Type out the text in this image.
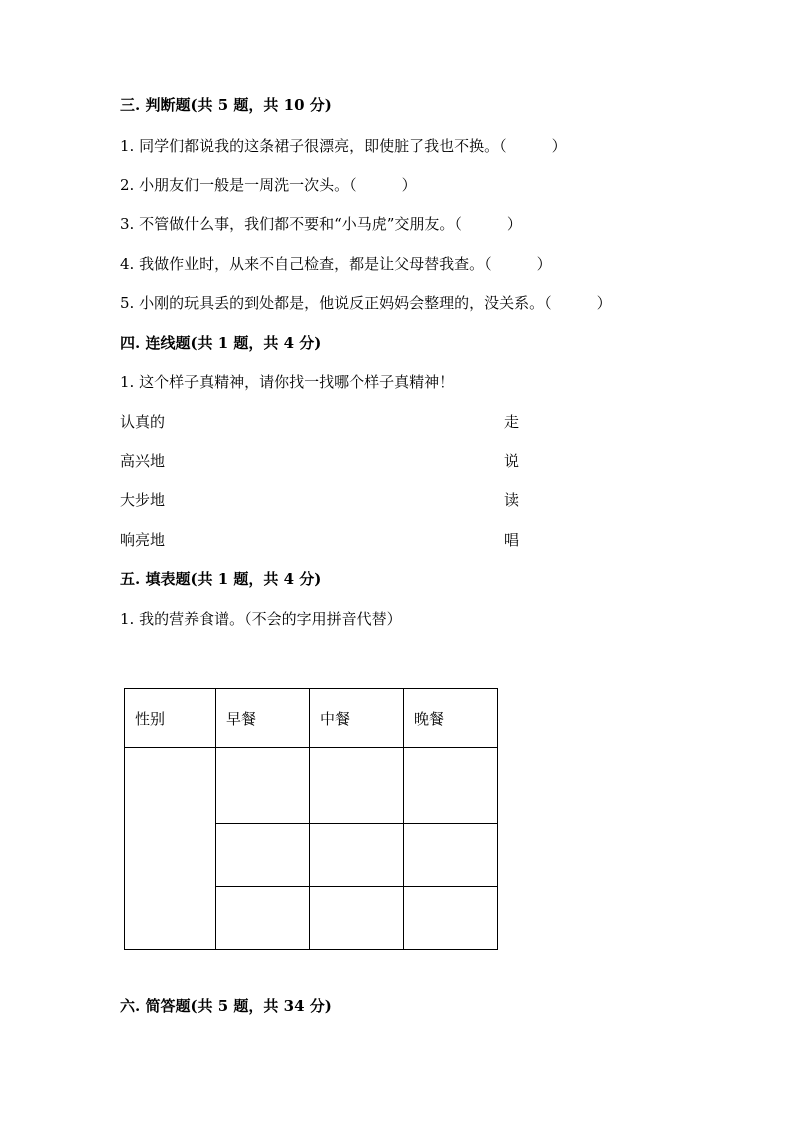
三. 判断题(共 5 题，共 10 分)
1. 同学们都说我的这条裙子很漂亮，即使脏了我也不换。（　　　）
2. 小朋友们一般是一周洗一次头。（　　　）
3. 不管做什么事，我们都不要和“小马虎”交朋友。（　　　）
4. 我做作业时，从来不自己检查，都是让父母替我查。（　　　）
5. 小刚的玩具丢的到处都是，他说反正妈妈会整理的，没关系。（　　　）
四. 连线题(共 1 题，共 4 分)
1. 这个样子真精神，请你找一找哪个样子真精神！
认真的	走
高兴地	说
大步地	读
响亮地	唱
五. 填表题(共 1 题，共 4 分)
1. 我的营养食谱。（不会的字用拼音代替）
性别	早餐	中餐	晚餐

六. 简答题(共 5 题，共 34 分)
